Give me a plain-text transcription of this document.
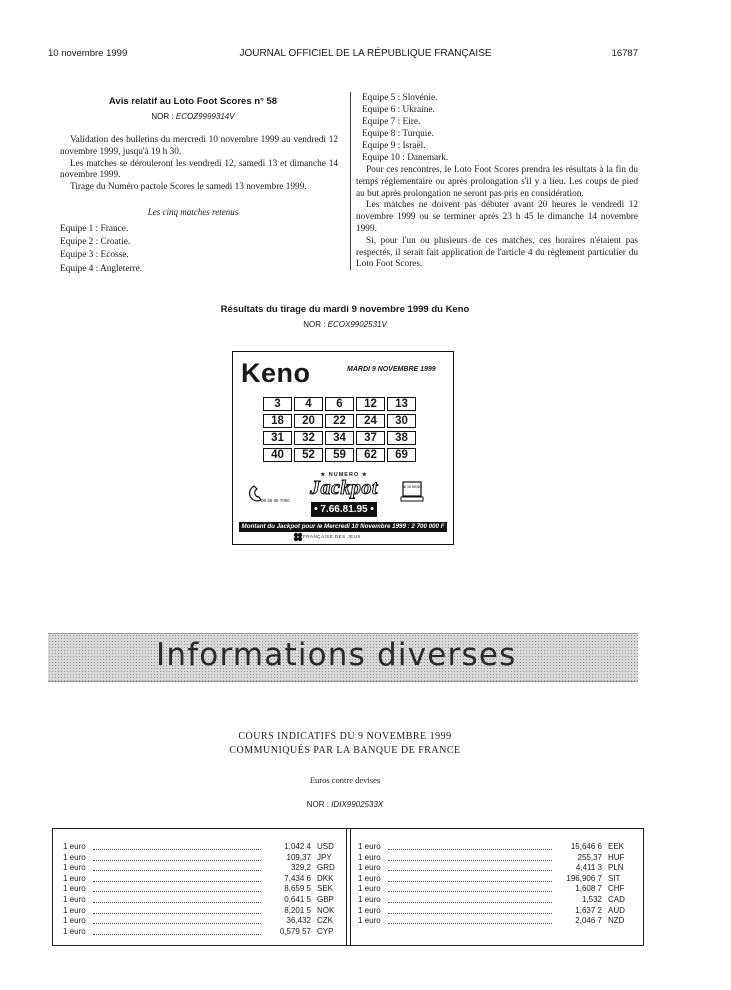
10 novembre 1999	JOURNAL OFFICIEL DE LA RÉPUBLIQUE FRANÇAISE	16787
Avis relatif au Loto Foot Scores n° 58
NOR : ECOZ9999314V

Validation des bulletins du mercredi 10 novembre 1999 au vendredi 12 novembre 1999, jusqu'à 19 h 30.

Les matches se dérouleront les vendredi 12, samedi 13 et dimanche 14 novembre 1999.

Tirage du Numéro pactole Scores le samedi 13 novembre 1999.

Les cinq matches retenus
Equipe 1 : France.
Equipe 2 : Croatie.
Equipe 3 : Ecosse.
Equipe 4 : Angleterre.
Equipe 5 : Slovénie.
Equipe 6 : Ukraine.
Equipe 7 : Eire.
Equipe 8 : Turquie.
Equipe 9 : Israël.
Equipe 10 : Danemark.

Pour ces rencontres, le Loto Foot Scores prendra les résultats à la fin du temps réglementaire ou après prolongation s'il y a lieu. Les coups de pied au but après prolongation ne seront pas pris en considération.

Les matches ne doivent pas débuter avant 20 heures le vendredi 12 novembre 1999 ou se terminer après 23 h 45 le dimanche 14 novembre 1999.

Si, pour l'un ou plusieurs de ces matches, ces horaires n'étaient pas respectés, il serait fait application de l'article 4 du règlement particulier du Loto Foot Scores.

Résultats du tirage du mardi 9 novembre 1999 du Keno
NOR : ECOX9902531V
Keno	MARDI 9 NOVEMBRE 1999
3	4	6	12	13
18	20	22	24	30
31	32	34	37	38
40	52	59	62	69
08 36 65 7000
★ NUMERO ★
Jackpot
• 7.66.81.95 •
36 15 KENO
Montant du Jackpot pour le Mercredi 10 Novembre 1999 : 2 700 000 F
FRANÇAISE DES JEUX
Informations diverses
COURS INDICATIFS DU 9 NOVEMBRE 1999
COMMUNIQUÉS PAR LA BANQUE DE FRANCE
Euros contre devises
NOR : IDIX9902533X
1 euro	1,042 4 USD
1 euro	109,37 JPY
1 euro	329,2 GRD
1 euro	7,434 6 DKK
1 euro	8,659 5 SEK
1 euro	0,641 5 GBP
1 euro	8,201 5 NOK
1 euro	36,432 CZK
1 euro	0,579 57 CYP
1 euro	15,646 6 EEK
1 euro	255,37 HUF
1 euro	4,411 3 PLN
1 euro	196,906 7 SIT
1 euro	1,608 7 CHF
1 euro	1,532 CAD
1 euro	1,637 2 AUD
1 euro	2,046 7 NZD
